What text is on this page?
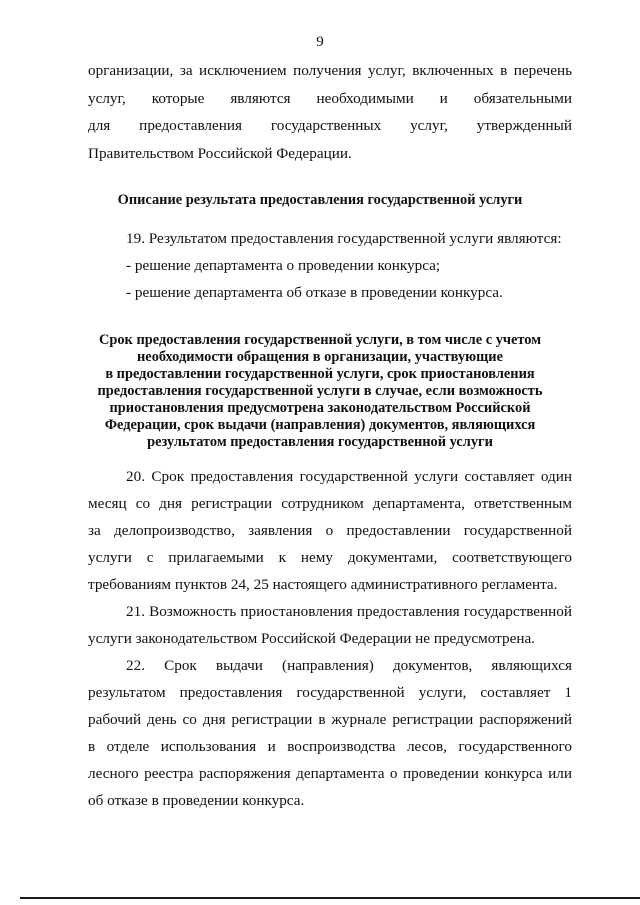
9
организации, за исключением получения услуг, включенных в перечень
услуг, которые являются необходимыми и обязательными
для предоставления государственных услуг, утвержденный
Правительством Российской Федерации.
Описание результата предоставления государственной услуги
19. Результатом предоставления государственной услуги являются:
- решение департамента о проведении конкурса;
- решение департамента об отказе в проведении конкурса.
Срок предоставления государственной услуги, в том числе с учетом
необходимости обращения в организации, участвующие
в предоставлении государственной услуги, срок приостановления
предоставления государственной услуги в случае, если возможность
приостановления предусмотрена законодательством Российской
Федерации, срок выдачи (направления) документов, являющихся
результатом предоставления государственной услуги
20. Срок предоставления государственной услуги составляет один
месяц со дня регистрации сотрудником департамента, ответственным
за делопроизводство, заявления о предоставлении государственной
услуги с прилагаемыми к нему документами, соответствующего
требованиям пунктов 24, 25 настоящего административного регламента.
21. Возможность приостановления предоставления государственной
услуги законодательством Российской Федерации не предусмотрена.
22. Срок выдачи (направления) документов, являющихся
результатом предоставления государственной услуги, составляет 1
рабочий день со дня регистрации в журнале регистрации распоряжений
в отделе использования и воспроизводства лесов, государственного
лесного реестра распоряжения департамента о проведении конкурса или
об отказе в проведении конкурса.
